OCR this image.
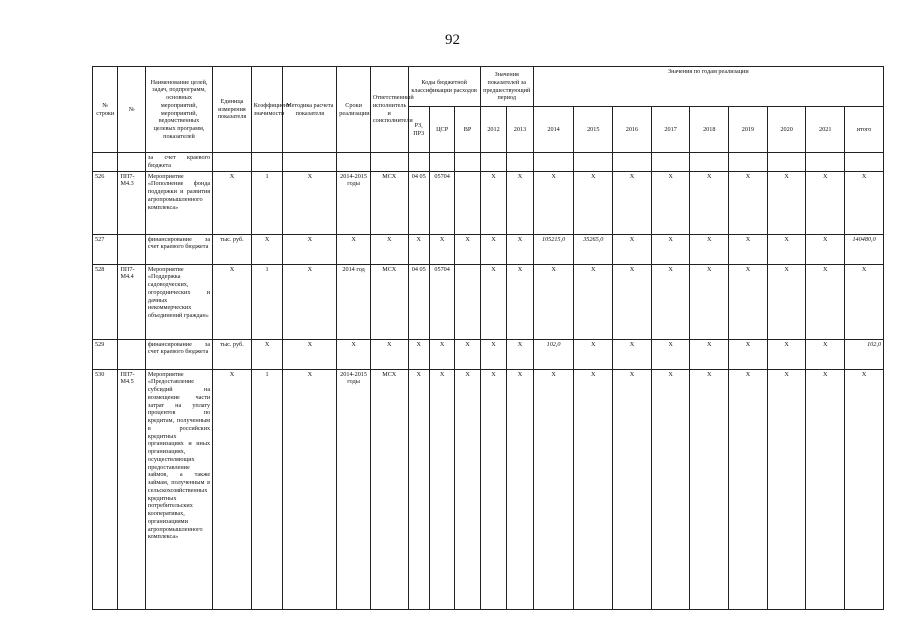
92
№ строки	№	Наименование целей, задач, подпрограмм, основных мероприятий, мероприятий, ведомственных целевых программ, показателей	Единица измерения показателя	Коэффициент значимости	Методика расчета показателя	Сроки реализации	Ответственный исполнитель и соисполнители	Коды бюджетной классификации расходов			Значения показателей за предшествующий период		Значения по годам реализации								
								РЗ, ПР3	ЦСР	ВР	2012	2013	2014	2015	2016	2017	2018	2019	2020	2021	итого
		за счет краевого бюджета																			
526	ПП7-М4.3	Мероприятие «Пополнение фонда поддержки и развития агропромышленного комплекса»	X	1	X	2014-2015 годы	МСХ	04 05	05704		X	X	X	X	X	X	X	X	X	X	X
527		финансирование за счет краевого бюджета	тыс. руб.	X	X	X	X	X	X	X	X	X	105215,0	35265,0	X	X	X	X	X	X	140480,0
528	ПП7-М4.4	Мероприятие «Поддержка садоводческих, огороднических и дачных некоммерческих объединений граждан»	X	1	X	2014 год	МСХ	04 05	05704		X	X	X	X	X	X	X	X	X	X	X
529		финансирование за счет краевого бюджета	тыс. руб.	X	X	X	X	X	X	X	X	X	102,0	X	X	X	X	X	X	X	102,0
530	ПП7-М4.5	Мероприятие «Предоставление субсидий на возмещение части затрат на уплату процентов по кредитам, полученным в российских кредитных организациях и иных организациях, осуществляющих предоставление займов, а также займам, полученным в сельскохозяйственных кредитных потребительских кооперативах, организациями агропромышленного комплекса»	X	1	X	2014-2015 годы	МСХ	X	X	X	X	X	X	X	X	X	X	X	X	X	X
